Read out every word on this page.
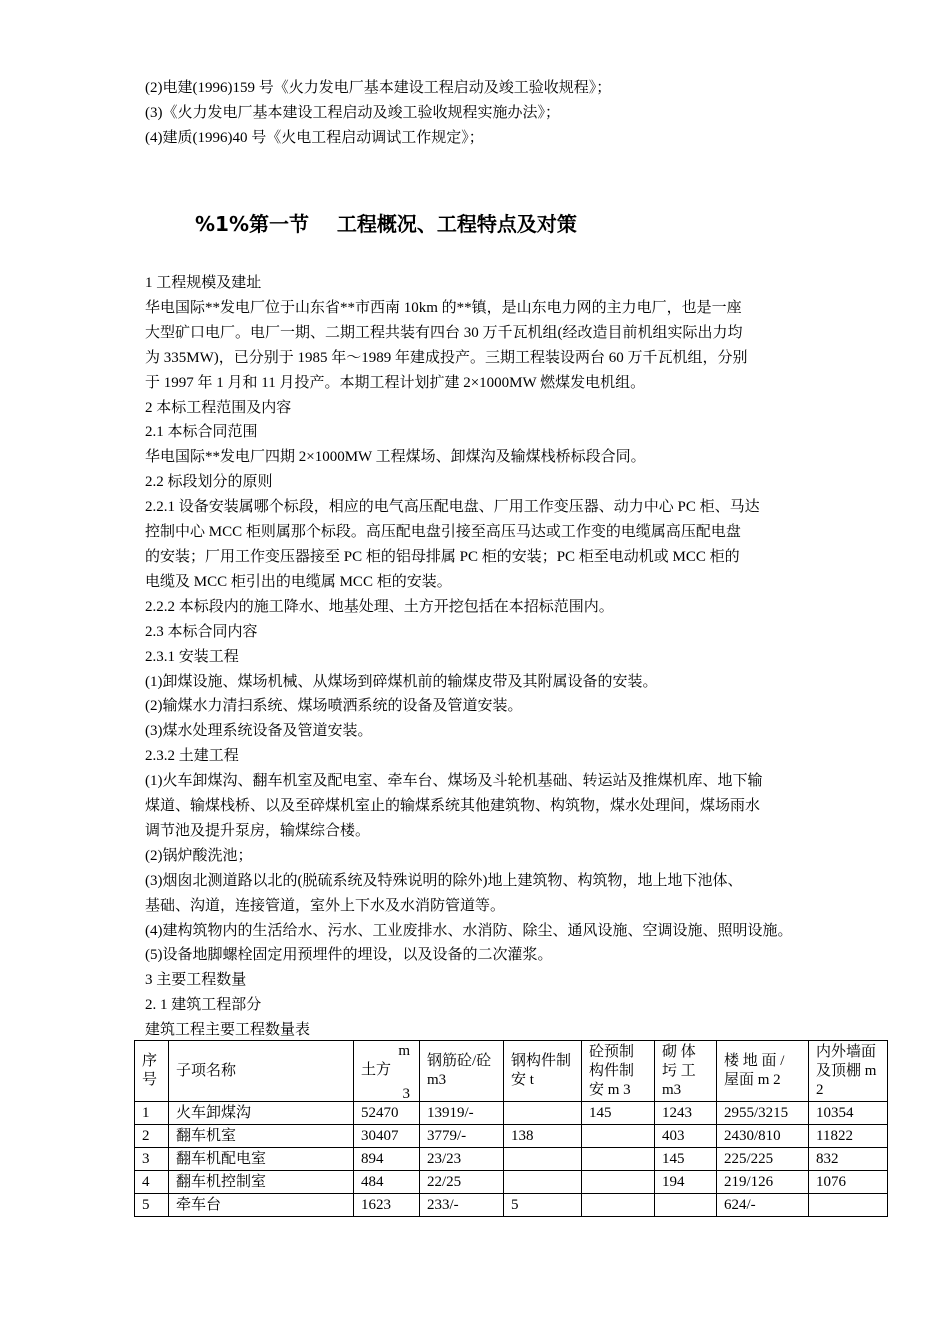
(2)电建(1996)159 号《火力发电厂基本建设工程启动及竣工验收规程》；
(3)《火力发电厂基本建设工程启动及竣工验收规程实施办法》；
(4)建质(1996)40 号《火电工程启动调试工作规定》；
%1%第一节    工程概况、工程特点及对策
1 工程规模及建址
华电国际**发电厂位于山东省**市西南 10km 的**镇，是山东电力网的主力电厂，也是一座
大型矿口电厂。电厂一期、二期工程共装有四台 30 万千瓦机组(经改造目前机组实际出力均
为 335MW)，已分别于 1985 年～1989 年建成投产。三期工程装设两台 60 万千瓦机组，分别
于 1997 年 1 月和 11 月投产。本期工程计划扩建 2×1000MW 燃煤发电机组。
2 本标工程范围及内容
2.1 本标合同范围
华电国际**发电厂四期 2×1000MW 工程煤场、卸煤沟及输煤栈桥标段合同。
2.2 标段划分的原则
2.2.1 设备安装属哪个标段，相应的电气高压配电盘、厂用工作变压器、动力中心 PC 柜、马达
控制中心 MCC 柜则属那个标段。高压配电盘引接至高压马达或工作变的电缆属高压配电盘
的安装；厂用工作变压器接至 PC 柜的铝母排属 PC 柜的安装；PC 柜至电动机或 MCC 柜的
电缆及 MCC 柜引出的电缆属 MCC 柜的安装。
2.2.2 本标段内的施工降水、地基处理、土方开挖包括在本招标范围内。
2.3 本标合同内容
2.3.1 安装工程
(1)卸煤设施、煤场机械、从煤场到碎煤机前的输煤皮带及其附属设备的安装。
(2)输煤水力清扫系统、煤场喷洒系统的设备及管道安装。
(3)煤水处理系统设备及管道安装。
2.3.2 土建工程
(1)火车卸煤沟、翻车机室及配电室、牵车台、煤场及斗轮机基础、转运站及推煤机库、地下输
煤道、输煤栈桥、以及至碎煤机室止的输煤系统其他建筑物、构筑物，煤水处理间，煤场雨水
调节池及提升泵房，输煤综合楼。
(2)锅炉酸洗池；
(3)烟囱北测道路以北的(脱硫系统及特殊说明的除外)地上建筑物、构筑物，地上地下池体、
基础、沟道，连接管道，室外上下水及水消防管道等。
(4)建构筑物内的生活给水、污水、工业废排水、水消防、除尘、通风设施、空调设施、照明设施。
(5)设备地脚螺栓固定用预埋件的埋设，以及设备的二次灌浆。
3 主要工程数量
2. 1 建筑工程部分
建筑工程主要工程数量表
序号	子项名称	m
土方
3	钢筋砼/砼 m3	钢构件制安 t	砼预制构件制安 m 3	砌 体 圬 工 m3	楼 地 面 / 屋面 m 2	内外墙面及顶棚 m 2
1	火车卸煤沟	52470	13919/-		145	1243	2955/3215	10354
2	翻车机室	30407	3779/-	138		403	2430/810	11822
3	翻车机配电室	894	23/23			145	225/225	832
4	翻车机控制室	484	22/25			194	219/126	1076
5	牵车台	1623	233/-	5			624/-	
